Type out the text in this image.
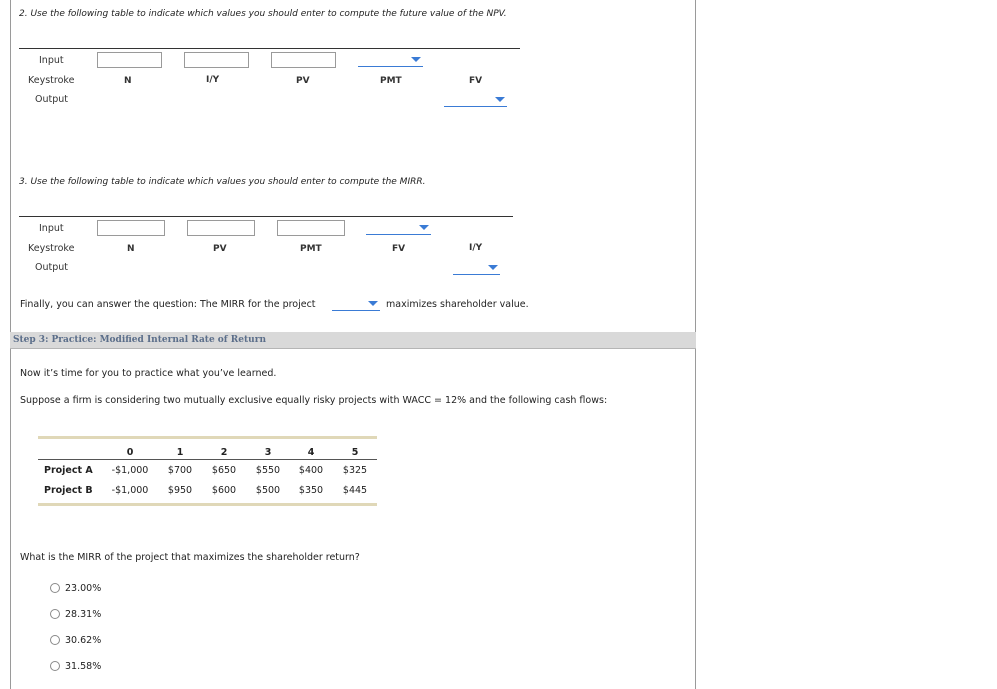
2. Use the following table to indicate which values you should enter to compute the future value of the NPV.
Input
Keystroke
Output
N	I/Y	PV	PMT	FV
3. Use the following table to indicate which values you should enter to compute the MIRR.
Input
Keystroke
Output
N	PV	PMT	FV	I/Y
Finally, you can answer the question: The MIRR for the project	maximizes shareholder value.
Step 3: Practice: Modified Internal Rate of Return
Now it’s time for you to practice what you’ve learned.
Suppose a firm is considering two mutually exclusive equally risky projects with WACC = 12% and the following cash flows:
0	1	2	3	4	5
Project A	-$1,000	$700	$650	$550	$400	$325
Project B	-$1,000	$950	$600	$500	$350	$445
What is the MIRR of the project that maximizes the shareholder return?
23.00%
28.31%
30.62%
31.58%
